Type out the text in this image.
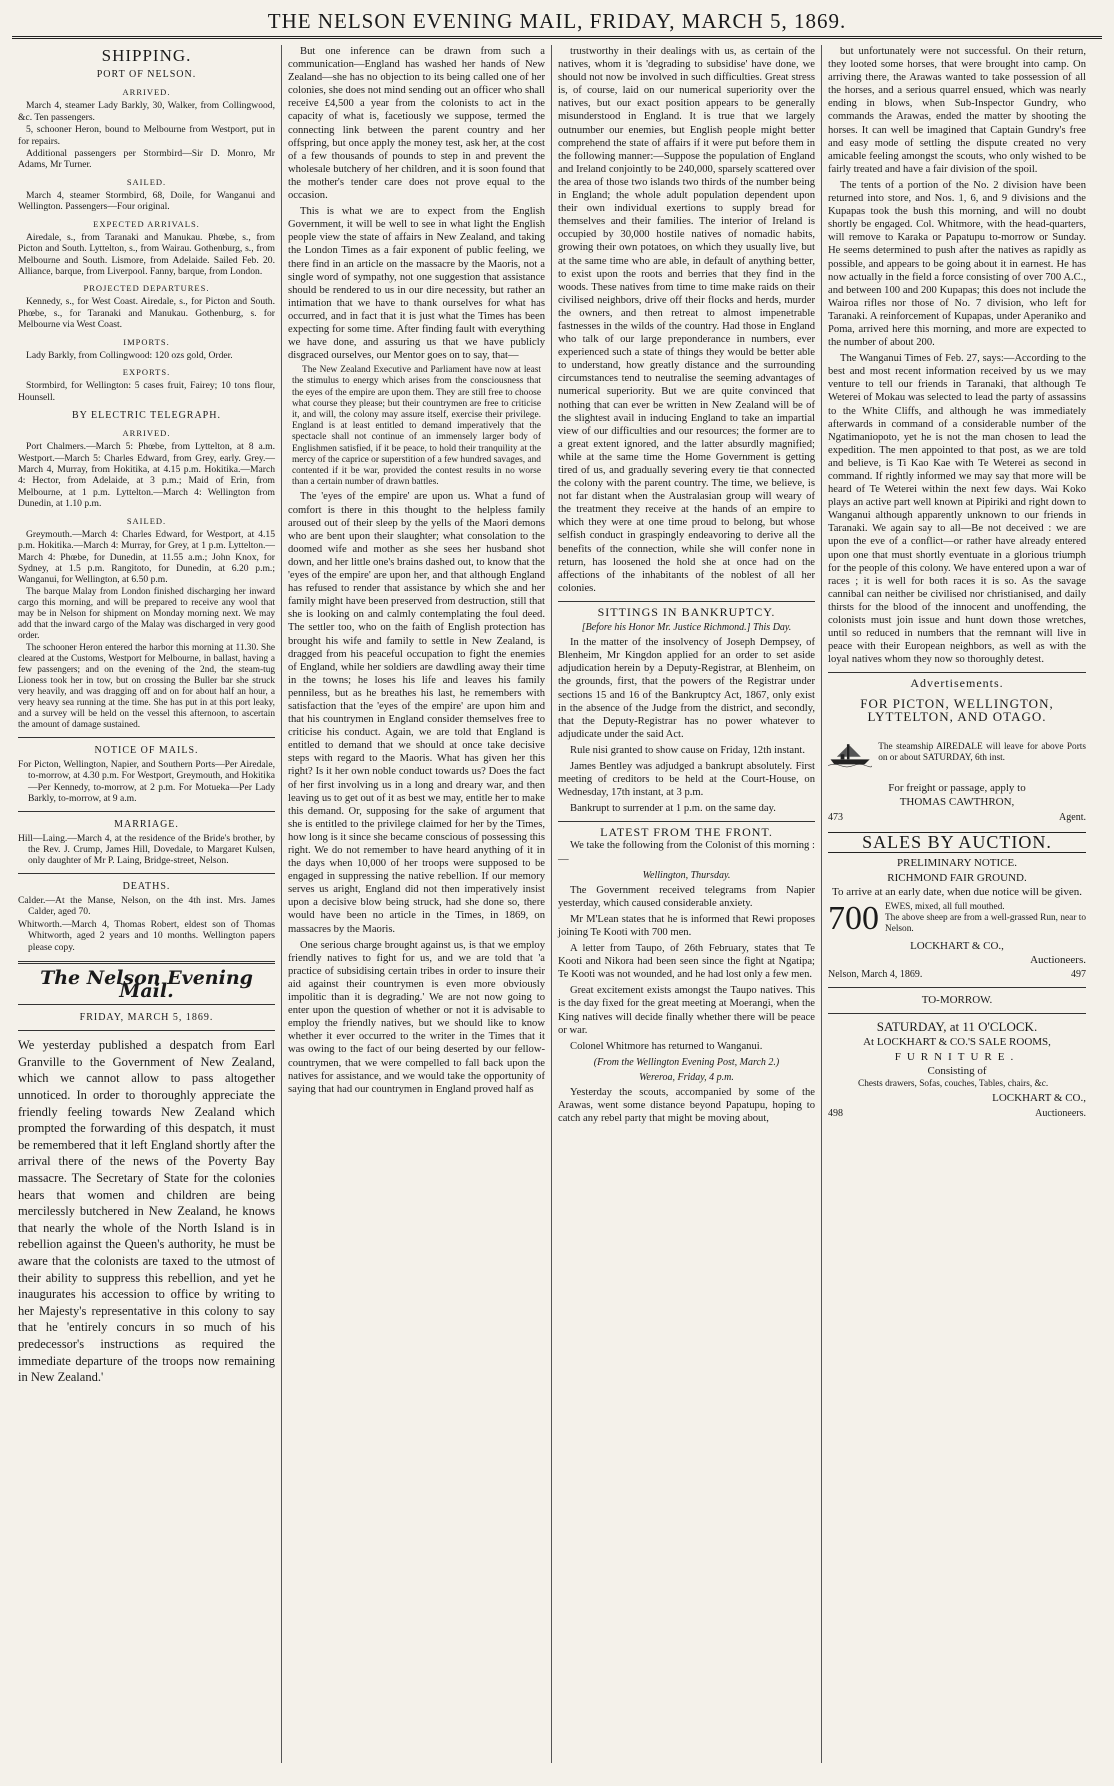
THE NELSON EVENING MAIL, FRIDAY, MARCH 5, 1869.
SHIPPING.
PORT OF NELSON.
ARRIVED.

March 4, steamer Lady Barkly, 30, Walker, from Collingwood, &c. Ten passengers.

5, schooner Heron, bound to Melbourne from Westport, put in for repairs.

Additional passengers per Stormbird—Sir D. Monro, Mr Adams, Mr Turner.

SAILED.

March 4, steamer Stormbird, 68, Doile, for Wanganui and Wellington. Passengers—Four original.

EXPECTED ARRIVALS.

Airedale, s., from Taranaki and Manukau. Phœbe, s., from Picton and South. Lyttelton, s., from Wairau. Gothenburg, s., from Melbourne and South. Lismore, from Adelaide. Sailed Feb. 20. Alliance, barque, from Liverpool. Fanny, barque, from London.

PROJECTED DEPARTURES.

Kennedy, s., for West Coast. Airedale, s., for Picton and South. Phœbe, s., for Taranaki and Manukau. Gothenburg, s. for Melbourne via West Coast.

IMPORTS.

Lady Barkly, from Collingwood: 120 ozs gold, Order.

EXPORTS.

Stormbird, for Wellington: 5 cases fruit, Fairey; 10 tons flour, Hounsell.

BY ELECTRIC TELEGRAPH.
ARRIVED.

Port Chalmers.—March 5: Phœbe, from Lyttelton, at 8 a.m. Westport.—March 5: Charles Edward, from Grey, early. Grey.—March 4, Murray, from Hokitika, at 4.15 p.m. Hokitika.—March 4: Hector, from Adelaide, at 3 p.m.; Maid of Erin, from Melbourne, at 1 p.m. Lyttelton.—March 4: Wellington from Dunedin, at 1.10 p.m.

SAILED.

Greymouth.—March 4: Charles Edward, for Westport, at 4.15 p.m. Hokitika.—March 4: Murray, for Grey, at 1 p.m. Lyttelton.—March 4: Phœbe, for Dunedin, at 11.55 a.m.; John Knox, for Sydney, at 1.5 p.m. Rangitoto, for Dunedin, at 6.20 p.m.; Wanganui, for Wellington, at 6.50 p.m.

The barque Malay from London finished discharging her inward cargo this morning, and will be prepared to receive any wool that may be in Nelson for shipment on Monday morning next. We may add that the inward cargo of the Malay was discharged in very good order.

The schooner Heron entered the harbor this morning at 11.30. She cleared at the Customs, Westport for Melbourne, in ballast, having a few passengers; and on the evening of the 2nd, the steam-tug Lioness took her in tow, but on crossing the Buller bar she struck very heavily, and was dragging off and on for about half an hour, a very heavy sea running at the time. She has put in at this port leaky, and a survey will be held on the vessel this afternoon, to ascertain the amount of damage sustained.

NOTICE OF MAILS.

For Picton, Wellington, Napier, and Southern Ports—Per Airedale, to-morrow, at 4.30 p.m. For Westport, Greymouth, and Hokitika—Per Kennedy, to-morrow, at 2 p.m. For Motueka—Per Lady Barkly, to-morrow, at 9 a.m.

MARRIAGE.

Hill—Laing.—March 4, at the residence of the Bride's brother, by the Rev. J. Crump, James Hill, Dovedale, to Margaret Kulsen, only daughter of Mr P. Laing, Bridge-street, Nelson.

DEATHS.

Calder.—At the Manse, Nelson, on the 4th inst. Mrs. James Calder, aged 70.

Whitworth.—March 4, Thomas Robert, eldest son of Thomas Whitworth, aged 2 years and 10 months. Wellington papers please copy.

The Nelson Evening Mail.
FRIDAY, MARCH 5, 1869.

We yesterday published a despatch from Earl Granville to the Government of New Zealand, which we cannot allow to pass altogether unnoticed. In order to thoroughly appreciate the friendly feeling towards New Zealand which prompted the forwarding of this despatch, it must be remembered that it left England shortly after the arrival there of the news of the Poverty Bay massacre. The Secretary of State for the colonies hears that women and children are being mercilessly butchered in New Zealand, he knows that nearly the whole of the North Island is in rebellion against the Queen's authority, he must be aware that the colonists are taxed to the utmost of their ability to suppress this rebellion, and yet he inaugurates his accession to office by writing to her Majesty's representative in this colony to say that he 'entirely concurs in so much of his predecessor's instructions as required the immediate departure of the troops now remaining in New Zealand.'

But one inference can be drawn from such a communication—England has washed her hands of New Zealand—she has no objection to its being called one of her colonies, she does not mind sending out an officer who shall receive £4,500 a year from the colonists to act in the capacity of what is, facetiously we suppose, termed the connecting link between the parent country and her offspring, but once apply the money test, ask her, at the cost of a few thousands of pounds to step in and prevent the wholesale butchery of her children, and it is soon found that the mother's tender care does not prove equal to the occasion.

This is what we are to expect from the English Government, it will be well to see in what light the English people view the state of affairs in New Zealand, and taking the London Times as a fair exponent of public feeling, we there find in an article on the massacre by the Maoris, not a single word of sympathy, not one suggestion that assistance should be rendered to us in our dire necessity, but rather an intimation that we have to thank ourselves for what has occurred, and in fact that it is just what the Times has been expecting for some time. After finding fault with everything we have done, and assuring us that we have publicly disgraced ourselves, our Mentor goes on to say, that—

The New Zealand Executive and Parliament have now at least the stimulus to energy which arises from the consciousness that the eyes of the empire are upon them. They are still free to choose what course they please; but their countrymen are free to criticise it, and will, the colony may assure itself, exercise their privilege. England is at least entitled to demand imperatively that the spectacle shall not continue of an immensely larger body of Englishmen satisfied, if it be peace, to hold their tranquility at the mercy of the caprice or superstition of a few hundred savages, and contented if it be war, provided the contest results in no worse than a certain number of drawn battles.

The 'eyes of the empire' are upon us. What a fund of comfort is there in this thought to the helpless family aroused out of their sleep by the yells of the Maori demons who are bent upon their slaughter; what consolation to the doomed wife and mother as she sees her husband shot down, and her little one's brains dashed out, to know that the 'eyes of the empire' are upon her, and that although England has refused to render that assistance by which she and her family might have been preserved from destruction, still that she is looking on and calmly contemplating the foul deed. The settler too, who on the faith of English protection has brought his wife and family to settle in New Zealand, is dragged from his peaceful occupation to fight the enemies of England, while her soldiers are dawdling away their time in the towns; he loses his life and leaves his family penniless, but as he breathes his last, he remembers with satisfaction that the 'eyes of the empire' are upon him and that his countrymen in England consider themselves free to criticise his conduct. Again, we are told that England is entitled to demand that we should at once take decisive steps with regard to the Maoris. What has given her this right? Is it her own noble conduct towards us? Does the fact of her first involving us in a long and dreary war, and then leaving us to get out of it as best we may, entitle her to make this demand. Or, supposing for the sake of argument that she is entitled to the privilege claimed for her by the Times, how long is it since she became conscious of possessing this right. We do not remember to have heard anything of it in the days when 10,000 of her troops were supposed to be engaged in suppressing the native rebellion. If our memory serves us aright, England did not then imperatively insist upon a decisive blow being struck, had she done so, there would have been no article in the Times, in 1869, on massacres by the Maoris.

One serious charge brought against us, is that we employ friendly natives to fight for us, and we are told that 'a practice of subsidising certain tribes in order to insure their aid against their countrymen is even more obviously impolitic than it is degrading.' We are not now going to enter upon the question of whether or not it is advisable to employ the friendly natives, but we should like to know whether it ever occurred to the writer in the Times that it was owing to the fact of our being deserted by our fellow-countrymen, that we were compelled to fall back upon the natives for assistance, and we would take the opportunity of saying that had our countrymen in England proved half as

trustworthy in their dealings with us, as certain of the natives, whom it is 'degrading to subsidise' have done, we should not now be involved in such difficulties. Great stress is, of course, laid on our numerical superiority over the natives, but our exact position appears to be generally misunderstood in England. It is true that we largely outnumber our enemies, but English people might better comprehend the state of affairs if it were put before them in the following manner:—Suppose the population of England and Ireland conjointly to be 240,000, sparsely scattered over the area of those two islands two thirds of the number being in England; the whole adult population dependent upon their own individual exertions to supply bread for themselves and their families. The interior of Ireland is occupied by 30,000 hostile natives of nomadic habits, growing their own potatoes, on which they usually live, but at the same time who are able, in default of anything better, to exist upon the roots and berries that they find in the woods. These natives from time to time make raids on their civilised neighbors, drive off their flocks and herds, murder the owners, and then retreat to almost impenetrable fastnesses in the wilds of the country. Had those in England who talk of our large preponderance in numbers, ever experienced such a state of things they would be better able to understand, how greatly distance and the surrounding circumstances tend to neutralise the seeming advantages of numerical superiority. But we are quite convinced that nothing that can ever be written in New Zealand will be of the slightest avail in inducing England to take an impartial view of our difficulties and our resources; the former are to a great extent ignored, and the latter absurdly magnified; while at the same time the Home Government is getting tired of us, and gradually severing every tie that connected the colony with the parent country. The time, we believe, is not far distant when the Australasian group will weary of the treatment they receive at the hands of an empire to which they were at one time proud to belong, but whose selfish conduct in graspingly endeavoring to derive all the benefits of the connection, while she will confer none in return, has loosened the hold she at once had on the affections of the inhabitants of the noblest of all her colonies.

SITTINGS IN BANKRUPTCY.
[Before his Honor Mr. Justice Richmond.] This Day.

In the matter of the insolvency of Joseph Dempsey, of Blenheim, Mr Kingdon applied for an order to set aside adjudication herein by a Deputy-Registrar, at Blenheim, on the grounds, first, that the powers of the Registrar under sections 15 and 16 of the Bankruptcy Act, 1867, only exist in the absence of the Judge from the district, and secondly, that the Deputy-Registrar has no power whatever to adjudicate under the said Act.

Rule nisi granted to show cause on Friday, 12th instant.

James Bentley was adjudged a bankrupt absolutely. First meeting of creditors to be held at the Court-House, on Wednesday, 17th instant, at 3 p.m.

Bankrupt to surrender at 1 p.m. on the same day.

LATEST FROM THE FRONT.

We take the following from the Colonist of this morning :—

Wellington, Thursday.

The Government received telegrams from Napier yesterday, which caused considerable anxiety.

Mr M'Lean states that he is informed that Rewi proposes joining Te Kooti with 700 men.

A letter from Taupo, of 26th February, states that Te Kooti and Nikora had been seen since the fight at Ngatipa; Te Kooti was not wounded, and he had lost only a few men.

Great excitement exists amongst the Taupo natives. This is the day fixed for the great meeting at Moerangi, when the King natives will decide finally whether there will be peace or war.

Colonel Whitmore has returned to Wanganui.

(From the Wellington Evening Post, March 2.)
Wereroa, Friday, 4 p.m.

Yesterday the scouts, accompanied by some of the Arawas, went some distance beyond Papatupu, hoping to catch any rebel party that might be moving about,

but unfortunately were not successful. On their return, they looted some horses, that were brought into camp. On arriving there, the Arawas wanted to take possession of all the horses, and a serious quarrel ensued, which was nearly ending in blows, when Sub-Inspector Gundry, who commands the Arawas, ended the matter by shooting the horses. It can well be imagined that Captain Gundry's free and easy mode of settling the dispute created no very amicable feeling amongst the scouts, who only wished to be fairly treated and have a fair division of the spoil.

The tents of a portion of the No. 2 division have been returned into store, and Nos. 1, 6, and 9 divisions and the Kupapas took the bush this morning, and will no doubt shortly be engaged. Col. Whitmore, with the head-quarters, will remove to Karaka or Papatupu to-morrow or Sunday. He seems determined to push after the natives as rapidly as possible, and appears to be going about it in earnest. He has now actually in the field a force consisting of over 700 A.C., and between 100 and 200 Kupapas; this does not include the Wairoa rifles nor those of No. 7 division, who left for Taranaki. A reinforcement of Kupapas, under Aperaniko and Poma, arrived here this morning, and more are expected to the number of about 200.

The Wanganui Times of Feb. 27, says:—According to the best and most recent information received by us we may venture to tell our friends in Taranaki, that although Te Weterei of Mokau was selected to lead the party of assassins to the White Cliffs, and although he was immediately afterwards in command of a considerable number of the Ngatimaniopoto, yet he is not the man chosen to lead the expedition. The men appointed to that post, as we are told and believe, is Ti Kao Kae with Te Weterei as second in command. If rightly informed we may say that more will be heard of Te Weterei within the next few days. Wai Koko plays an active part well known at Pipiriki and right down to Wanganui although apparently unknown to our friends in Taranaki. We again say to all—Be not deceived : we are upon the eve of a conflict—or rather have already entered upon one that must shortly eventuate in a glorious triumph for the people of this colony. We have entered upon a war of races ; it is well for both races it is so. As the savage cannibal can neither be civilised nor christianised, and daily thirsts for the blood of the innocent and unoffending, the colonists must join issue and hunt down those wretches, until so reduced in numbers that the remnant will live in peace with their European neighbors, as well as with the loyal natives whom they now so thoroughly detest.

Advertisements.
FOR PICTON, WELLINGTON, LYTTELTON, AND OTAGO.
The steamship AIREDALE will leave for above Ports on or about SATURDAY, 6th inst.
For freight or passage, apply to
THOMAS CAWTHRON,
473	Agent.
SALES BY AUCTION.
PRELIMINARY NOTICE.
RICHMOND FAIR GROUND.
To arrive at an early date, when due notice will be given.
700 EWES, mixed, all full mouthed.
The above sheep are from a well-grassed Run, near to Nelson.
LOCKHART & CO.,
Auctioneers.
Nelson, March 4, 1869.	497
TO-MORROW.
SATURDAY, at 11 O'CLOCK.
At LOCKHART & CO.'S SALE ROOMS,
FURNITURE.
Consisting of
Chests drawers, Sofas, couches, Tables, chairs, &c.
LOCKHART & CO.,
498	Auctioneers.
